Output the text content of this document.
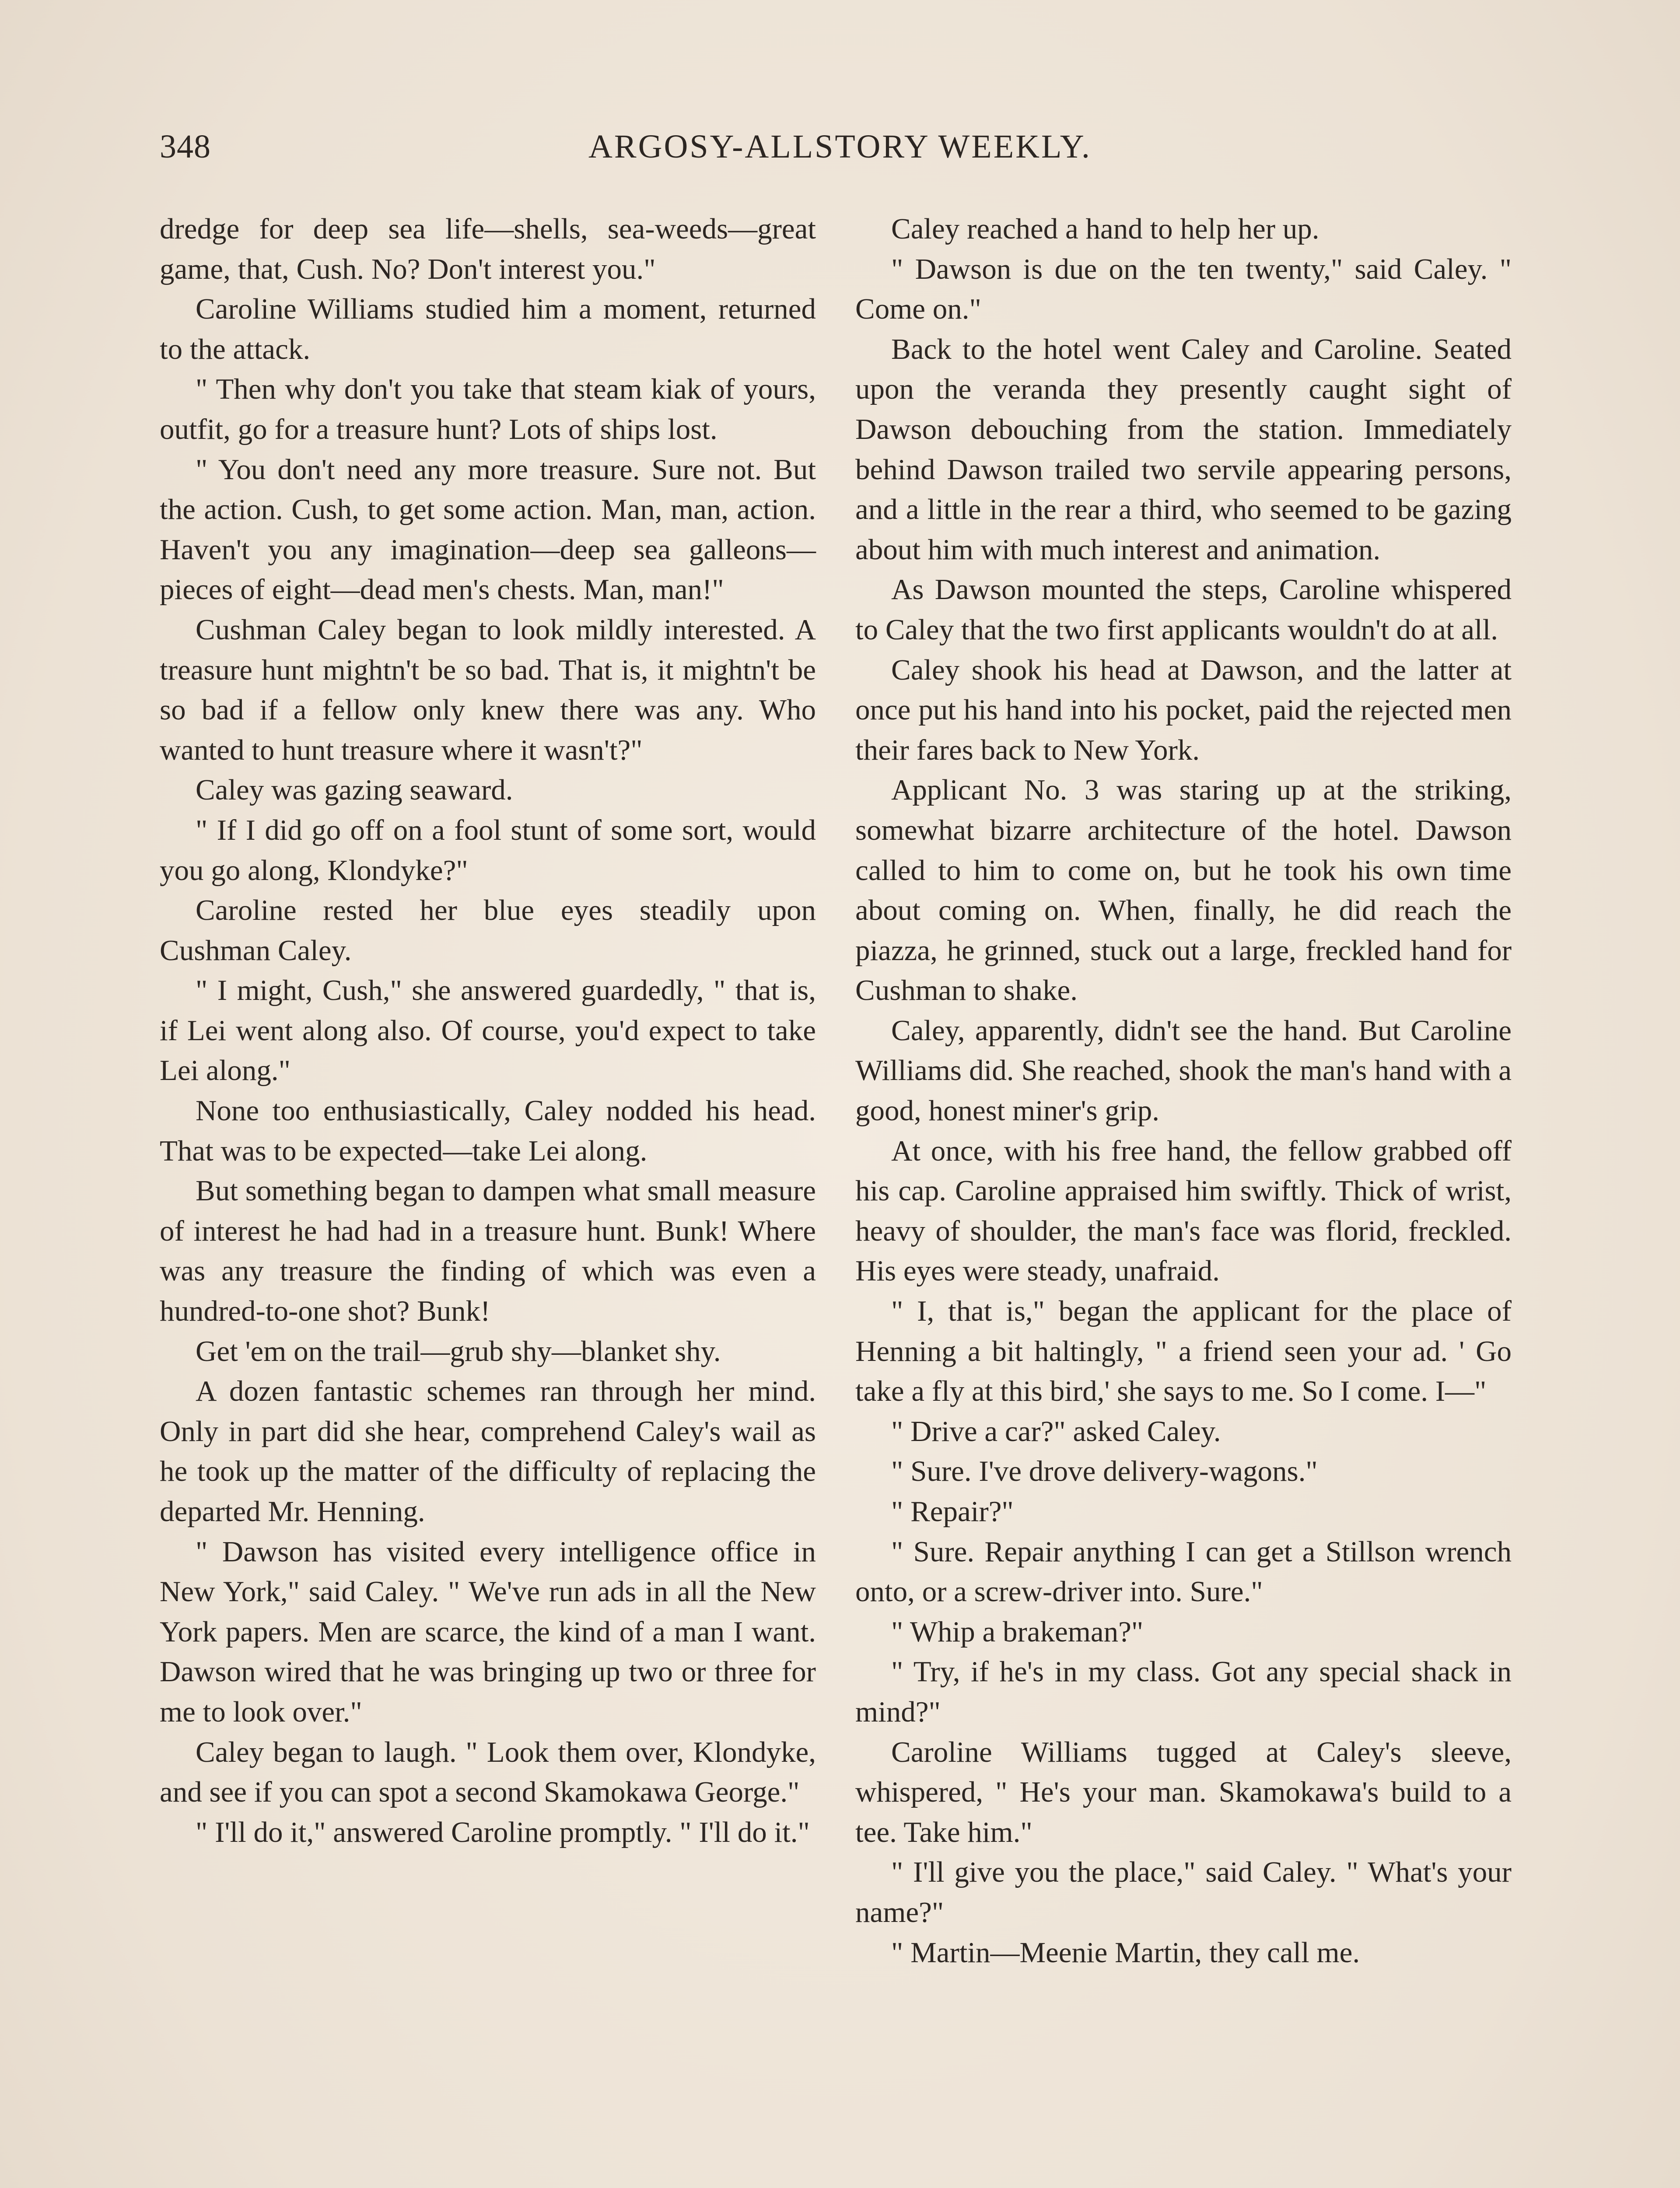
348	ARGOSY-ALLSTORY WEEKLY.

dredge for deep sea life—shells, sea-weeds—great game, that, Cush. No? Don't interest you."

Caroline Williams studied him a moment, returned to the attack.

" Then why don't you take that steam kiak of yours, outfit, go for a treasure hunt? Lots of ships lost.

" You don't need any more treasure. Sure not. But the action. Cush, to get some action. Man, man, action. Haven't you any imagination—deep sea galleons—pieces of eight—dead men's chests. Man, man!"

Cushman Caley began to look mildly interested. A treasure hunt mightn't be so bad. That is, it mightn't be so bad if a fellow only knew there was any. Who wanted to hunt treasure where it wasn't?"

Caley was gazing seaward.

" If I did go off on a fool stunt of some sort, would you go along, Klondyke?"

Caroline rested her blue eyes steadily upon Cushman Caley.

" I might, Cush," she answered guardedly, " that is, if Lei went along also. Of course, you'd expect to take Lei along."

None too enthusiastically, Caley nodded his head. That was to be expected—take Lei along.

But something began to dampen what small measure of interest he had had in a treasure hunt. Bunk! Where was any treasure the finding of which was even a hundred-to-one shot? Bunk!

Get 'em on the trail—grub shy—blanket shy.

A dozen fantastic schemes ran through her mind. Only in part did she hear, comprehend Caley's wail as he took up the matter of the difficulty of replacing the departed Mr. Henning.

" Dawson has visited every intelligence office in New York," said Caley. " We've run ads in all the New York papers. Men are scarce, the kind of a man I want. Dawson wired that he was bringing up two or three for me to look over."

Caley began to laugh. " Look them over, Klondyke, and see if you can spot a second Skamokawa George."

" I'll do it," answered Caroline promptly. " I'll do it."

Caley reached a hand to help her up.

" Dawson is due on the ten twenty," said Caley. " Come on."

Back to the hotel went Caley and Caroline. Seated upon the veranda they presently caught sight of Dawson debouching from the station. Immediately behind Dawson trailed two servile appearing persons, and a little in the rear a third, who seemed to be gazing about him with much interest and animation.

As Dawson mounted the steps, Caroline whispered to Caley that the two first applicants wouldn't do at all.

Caley shook his head at Dawson, and the latter at once put his hand into his pocket, paid the rejected men their fares back to New York.

Applicant No. 3 was staring up at the striking, somewhat bizarre architecture of the hotel. Dawson called to him to come on, but he took his own time about coming on. When, finally, he did reach the piazza, he grinned, stuck out a large, freckled hand for Cushman to shake.

Caley, apparently, didn't see the hand. But Caroline Williams did. She reached, shook the man's hand with a good, honest miner's grip.

At once, with his free hand, the fellow grabbed off his cap. Caroline appraised him swiftly. Thick of wrist, heavy of shoulder, the man's face was florid, freckled. His eyes were steady, unafraid.

" I, that is," began the applicant for the place of Henning a bit haltingly, " a friend seen your ad. ' Go take a fly at this bird,' she says to me. So I come. I—"

" Drive a car?" asked Caley.

" Sure. I've drove delivery-wagons."

" Repair?"

" Sure. Repair anything I can get a Stillson wrench onto, or a screw-driver into. Sure."

" Whip a brakeman?"

" Try, if he's in my class. Got any special shack in mind?"

Caroline Williams tugged at Caley's sleeve, whispered, " He's your man. Skamokawa's build to a tee. Take him."

" I'll give you the place," said Caley. " What's your name?"

" Martin—Meenie Martin, they call me.
